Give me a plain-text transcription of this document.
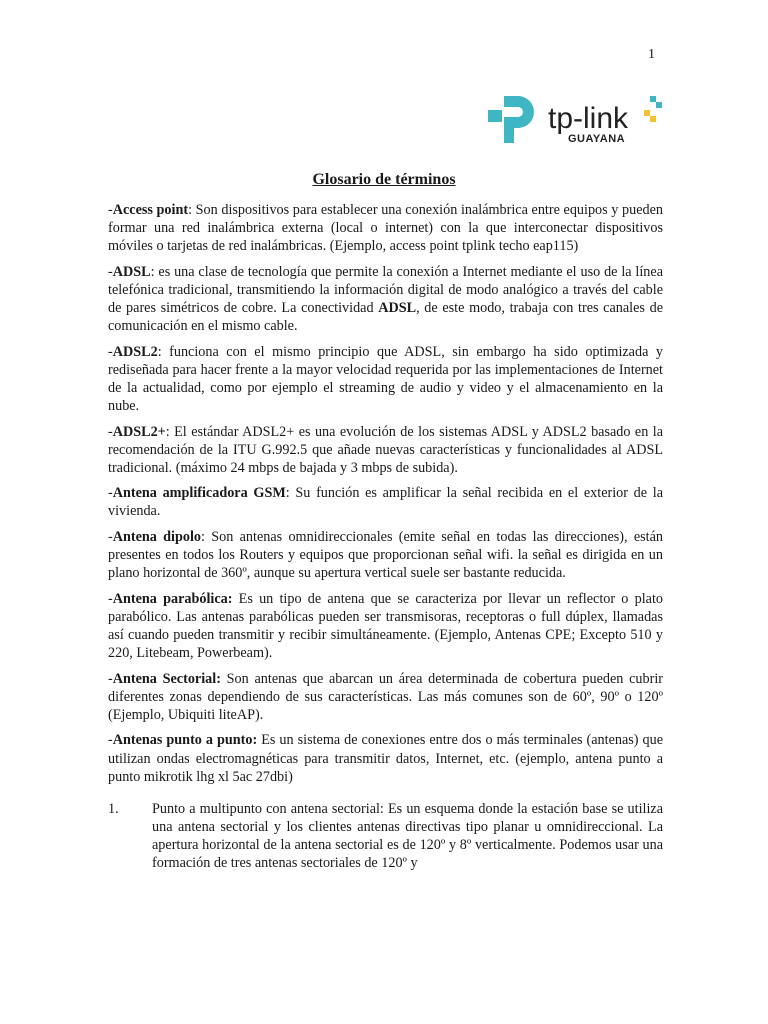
1
tp-link
GUAYANA
Glosario de términos

-Access point: Son dispositivos para establecer una conexión inalámbrica entre equipos y pueden formar una red inalámbrica externa (local o internet) con la que interconectar dispositivos móviles o tarjetas de red inalámbricas. (Ejemplo, access point tplink techo eap115)

-ADSL: es una clase de tecnología que permite la conexión a Internet mediante el uso de la línea telefónica tradicional, transmitiendo la información digital de modo analógico a través del cable de pares simétricos de cobre. La conectividad ADSL, de este modo, trabaja con tres canales de comunicación en el mismo cable.

-ADSL2: funciona con el mismo principio que ADSL, sin embargo ha sido optimizada y rediseñada para hacer frente a la mayor velocidad requerida por las implementaciones de Internet de la actualidad, como por ejemplo el streaming de audio y video y el almacenamiento en la nube.

-ADSL2+: El estándar ADSL2+ es una evolución de los sistemas ADSL y ADSL2 basado en la recomendación de la ITU G.992.5 que añade nuevas características y funcionalidades al ADSL tradicional. (máximo 24 mbps de bajada y 3 mbps de subida).

-Antena amplificadora GSM: Su función es amplificar la señal recibida en el exterior de la vivienda.

-Antena dipolo: Son antenas omnidireccionales (emite señal en todas las direcciones), están presentes en todos los Routers y equipos que proporcionan señal wifi. la señal es dirigida en un plano horizontal de 360º, aunque su apertura vertical suele ser bastante reducida.

-Antena parabólica: Es un tipo de antena que se caracteriza por llevar un reflector o plato parabólico. Las antenas parabólicas pueden ser transmisoras, receptoras o full dúplex, llamadas así cuando pueden transmitir y recibir simultáneamente. (Ejemplo, Antenas CPE; Excepto 510 y 220, Litebeam, Powerbeam).

-Antena Sectorial: Son antenas que abarcan un área determinada de cobertura pueden cubrir diferentes zonas dependiendo de sus características. Las más comunes son de 60º, 90º o 120º (Ejemplo, Ubiquiti liteAP).

-Antenas punto a punto: Es un sistema de conexiones entre dos o más terminales (antenas) que utilizan ondas electromagnéticas para transmitir datos, Internet, etc. (ejemplo, antena punto a punto mikrotik lhg xl 5ac 27dbi)

1.	Punto a multipunto con antena sectorial: Es un esquema donde la estación base se utiliza una antena sectorial y los clientes antenas directivas tipo planar u omnidireccional. La apertura horizontal de la antena sectorial es de 120º y 8º verticalmente. Podemos usar una formación de tres antenas sectoriales de 120º y
